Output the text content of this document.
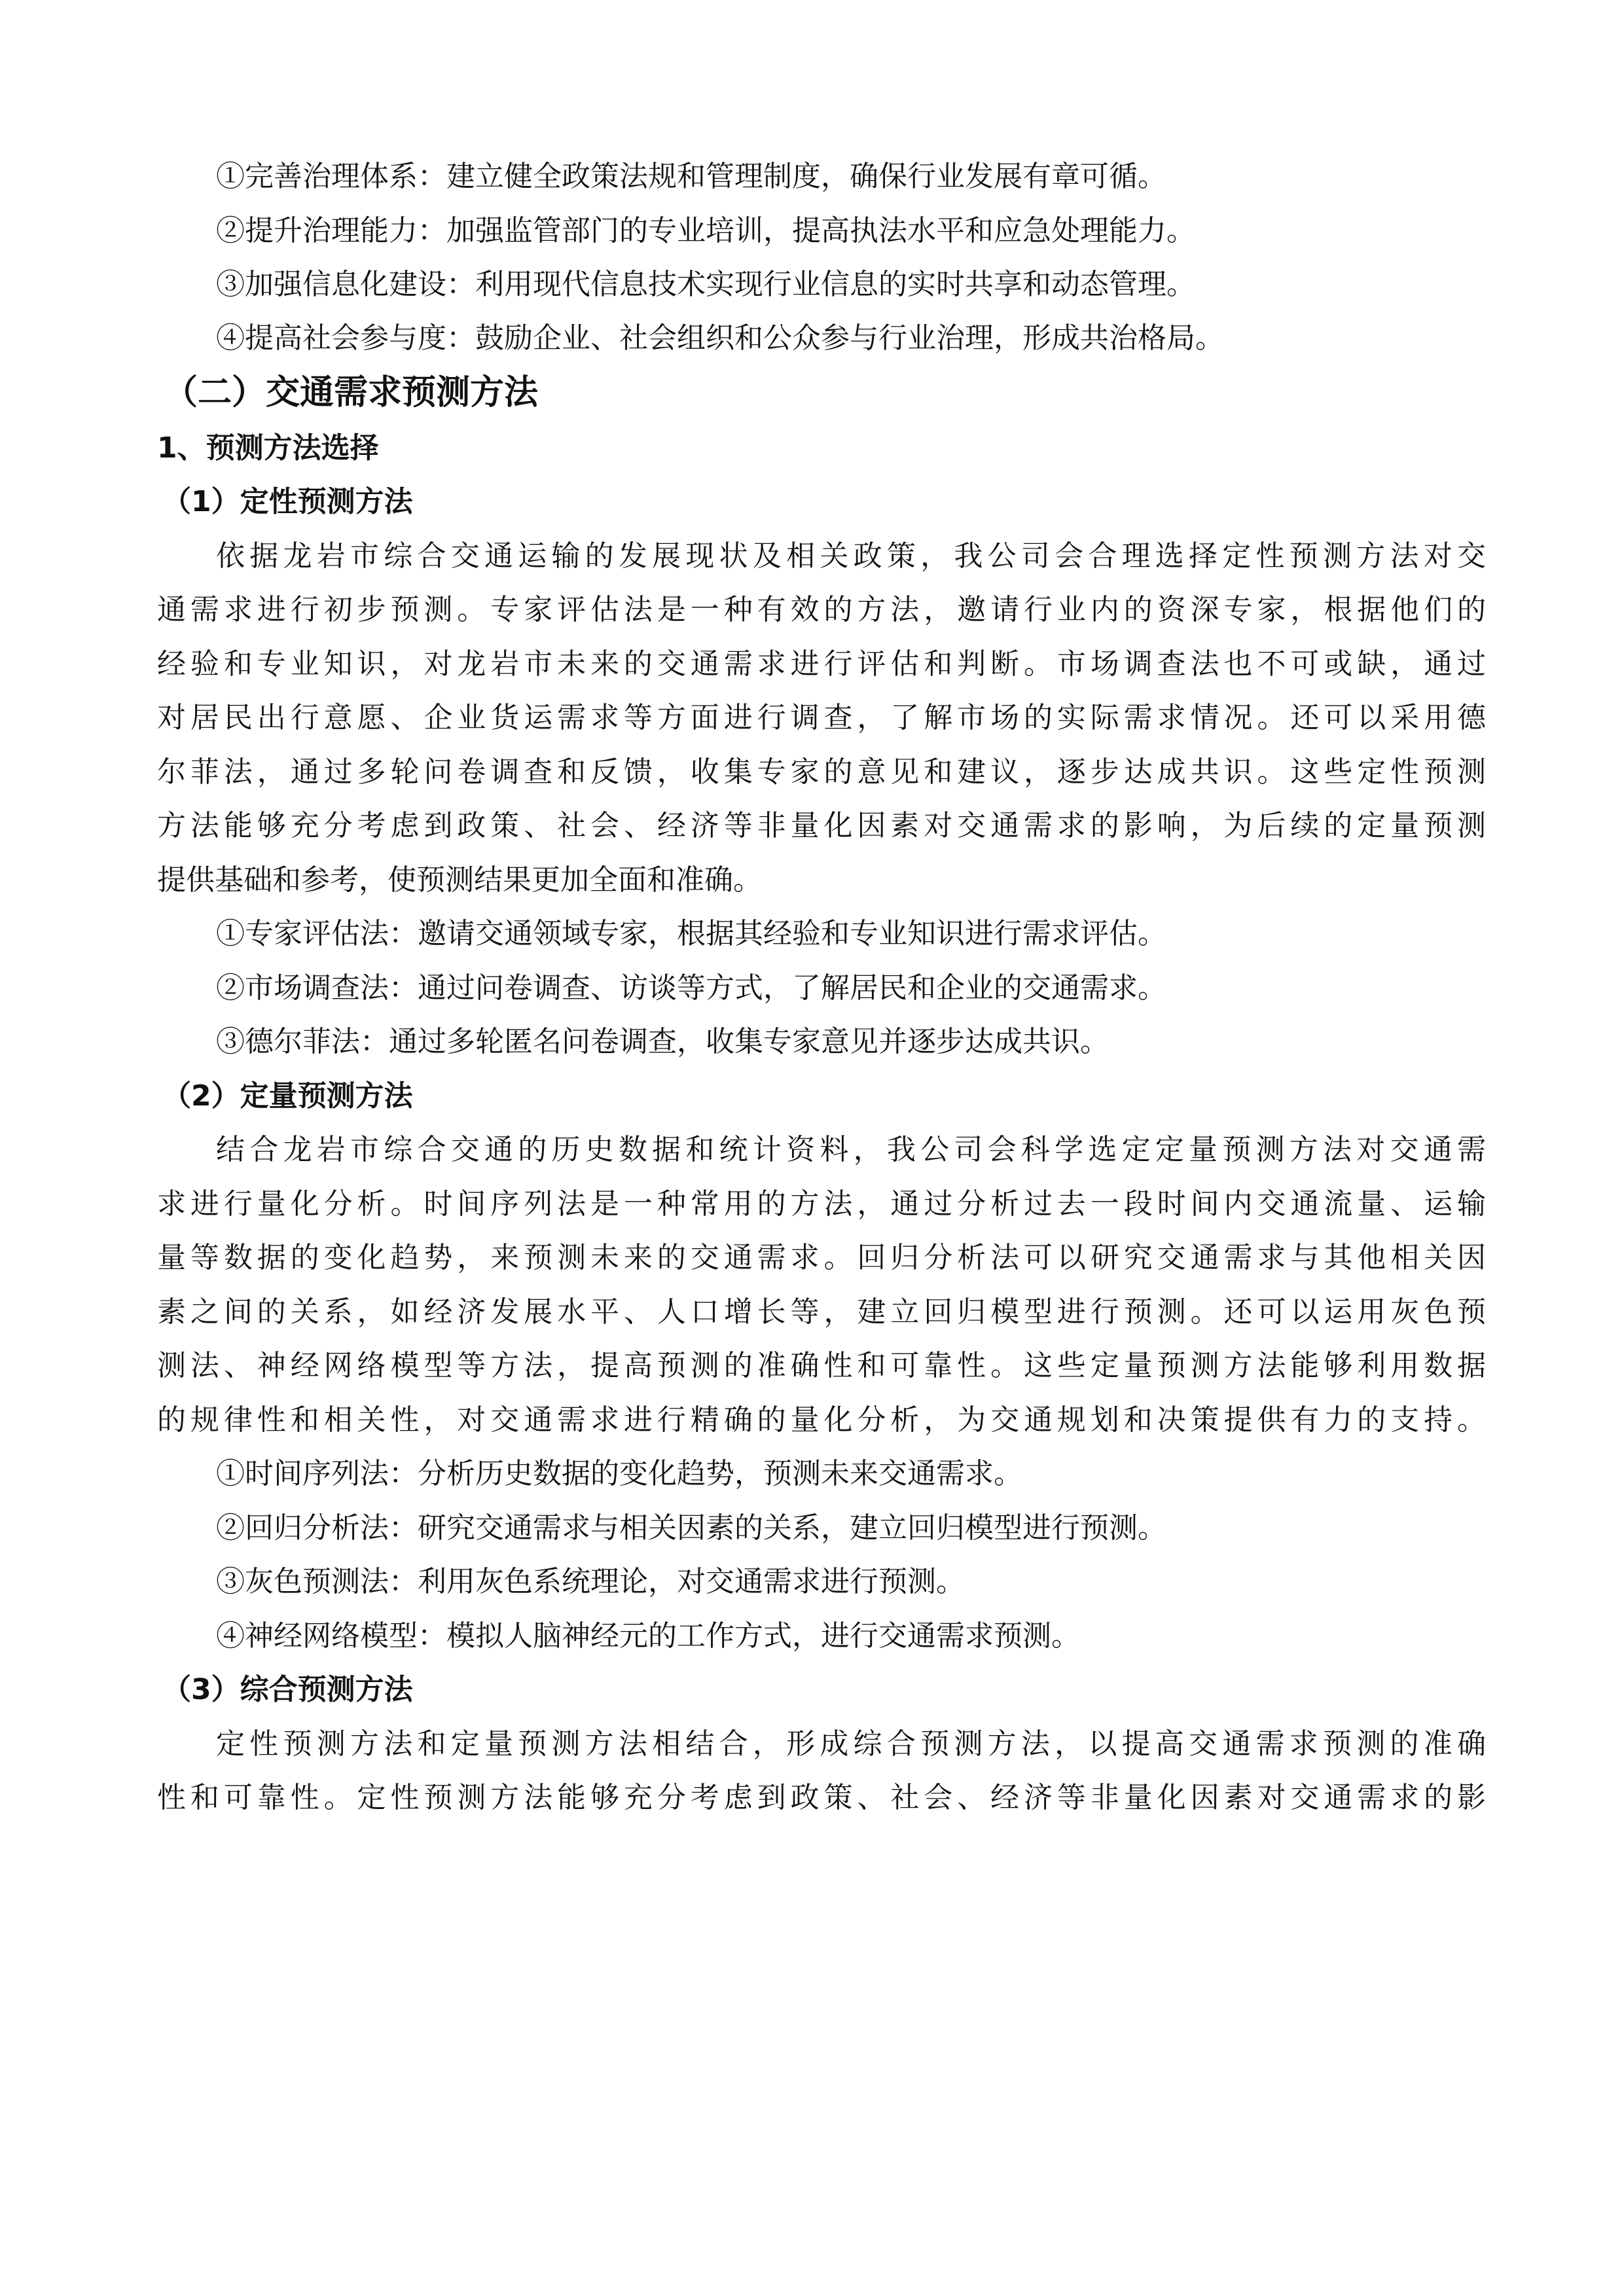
①完善治理体系：建立健全政策法规和管理制度，确保行业发展有章可循。

②提升治理能力：加强监管部门的专业培训，提高执法水平和应急处理能力。

③加强信息化建设：利用现代信息技术实现行业信息的实时共享和动态管理。

④提高社会参与度：鼓励企业、社会组织和公众参与行业治理，形成共治格局。

（二）交通需求预测方法
1、预测方法选择
（1）定性预测方法

依据龙岩市综合交通运输的发展现状及相关政策，我公司会合理选择定性预测方法对交

通需求进行初步预测。专家评估法是一种有效的方法，邀请行业内的资深专家，根据他们的

经验和专业知识，对龙岩市未来的交通需求进行评估和判断。市场调查法也不可或缺，通过

对居民出行意愿、企业货运需求等方面进行调查，了解市场的实际需求情况。还可以采用德

尔菲法，通过多轮问卷调查和反馈，收集专家的意见和建议，逐步达成共识。这些定性预测

方法能够充分考虑到政策、社会、经济等非量化因素对交通需求的影响，为后续的定量预测

提供基础和参考，使预测结果更加全面和准确。

①专家评估法：邀请交通领域专家，根据其经验和专业知识进行需求评估。

②市场调查法：通过问卷调查、访谈等方式，了解居民和企业的交通需求。

③德尔菲法：通过多轮匿名问卷调查，收集专家意见并逐步达成共识。

（2）定量预测方法

结合龙岩市综合交通的历史数据和统计资料，我公司会科学选定定量预测方法对交通需

求进行量化分析。时间序列法是一种常用的方法，通过分析过去一段时间内交通流量、运输

量等数据的变化趋势，来预测未来的交通需求。回归分析法可以研究交通需求与其他相关因

素之间的关系，如经济发展水平、人口增长等，建立回归模型进行预测。还可以运用灰色预

测法、神经网络模型等方法，提高预测的准确性和可靠性。这些定量预测方法能够利用数据

的规律性和相关性，对交通需求进行精确的量化分析，为交通规划和决策提供有力的支持。

①时间序列法：分析历史数据的变化趋势，预测未来交通需求。

②回归分析法：研究交通需求与相关因素的关系，建立回归模型进行预测。

③灰色预测法：利用灰色系统理论，对交通需求进行预测。

④神经网络模型：模拟人脑神经元的工作方式，进行交通需求预测。

（3）综合预测方法

定性预测方法和定量预测方法相结合，形成综合预测方法，以提高交通需求预测的准确

性和可靠性。定性预测方法能够充分考虑到政策、社会、经济等非量化因素对交通需求的影
